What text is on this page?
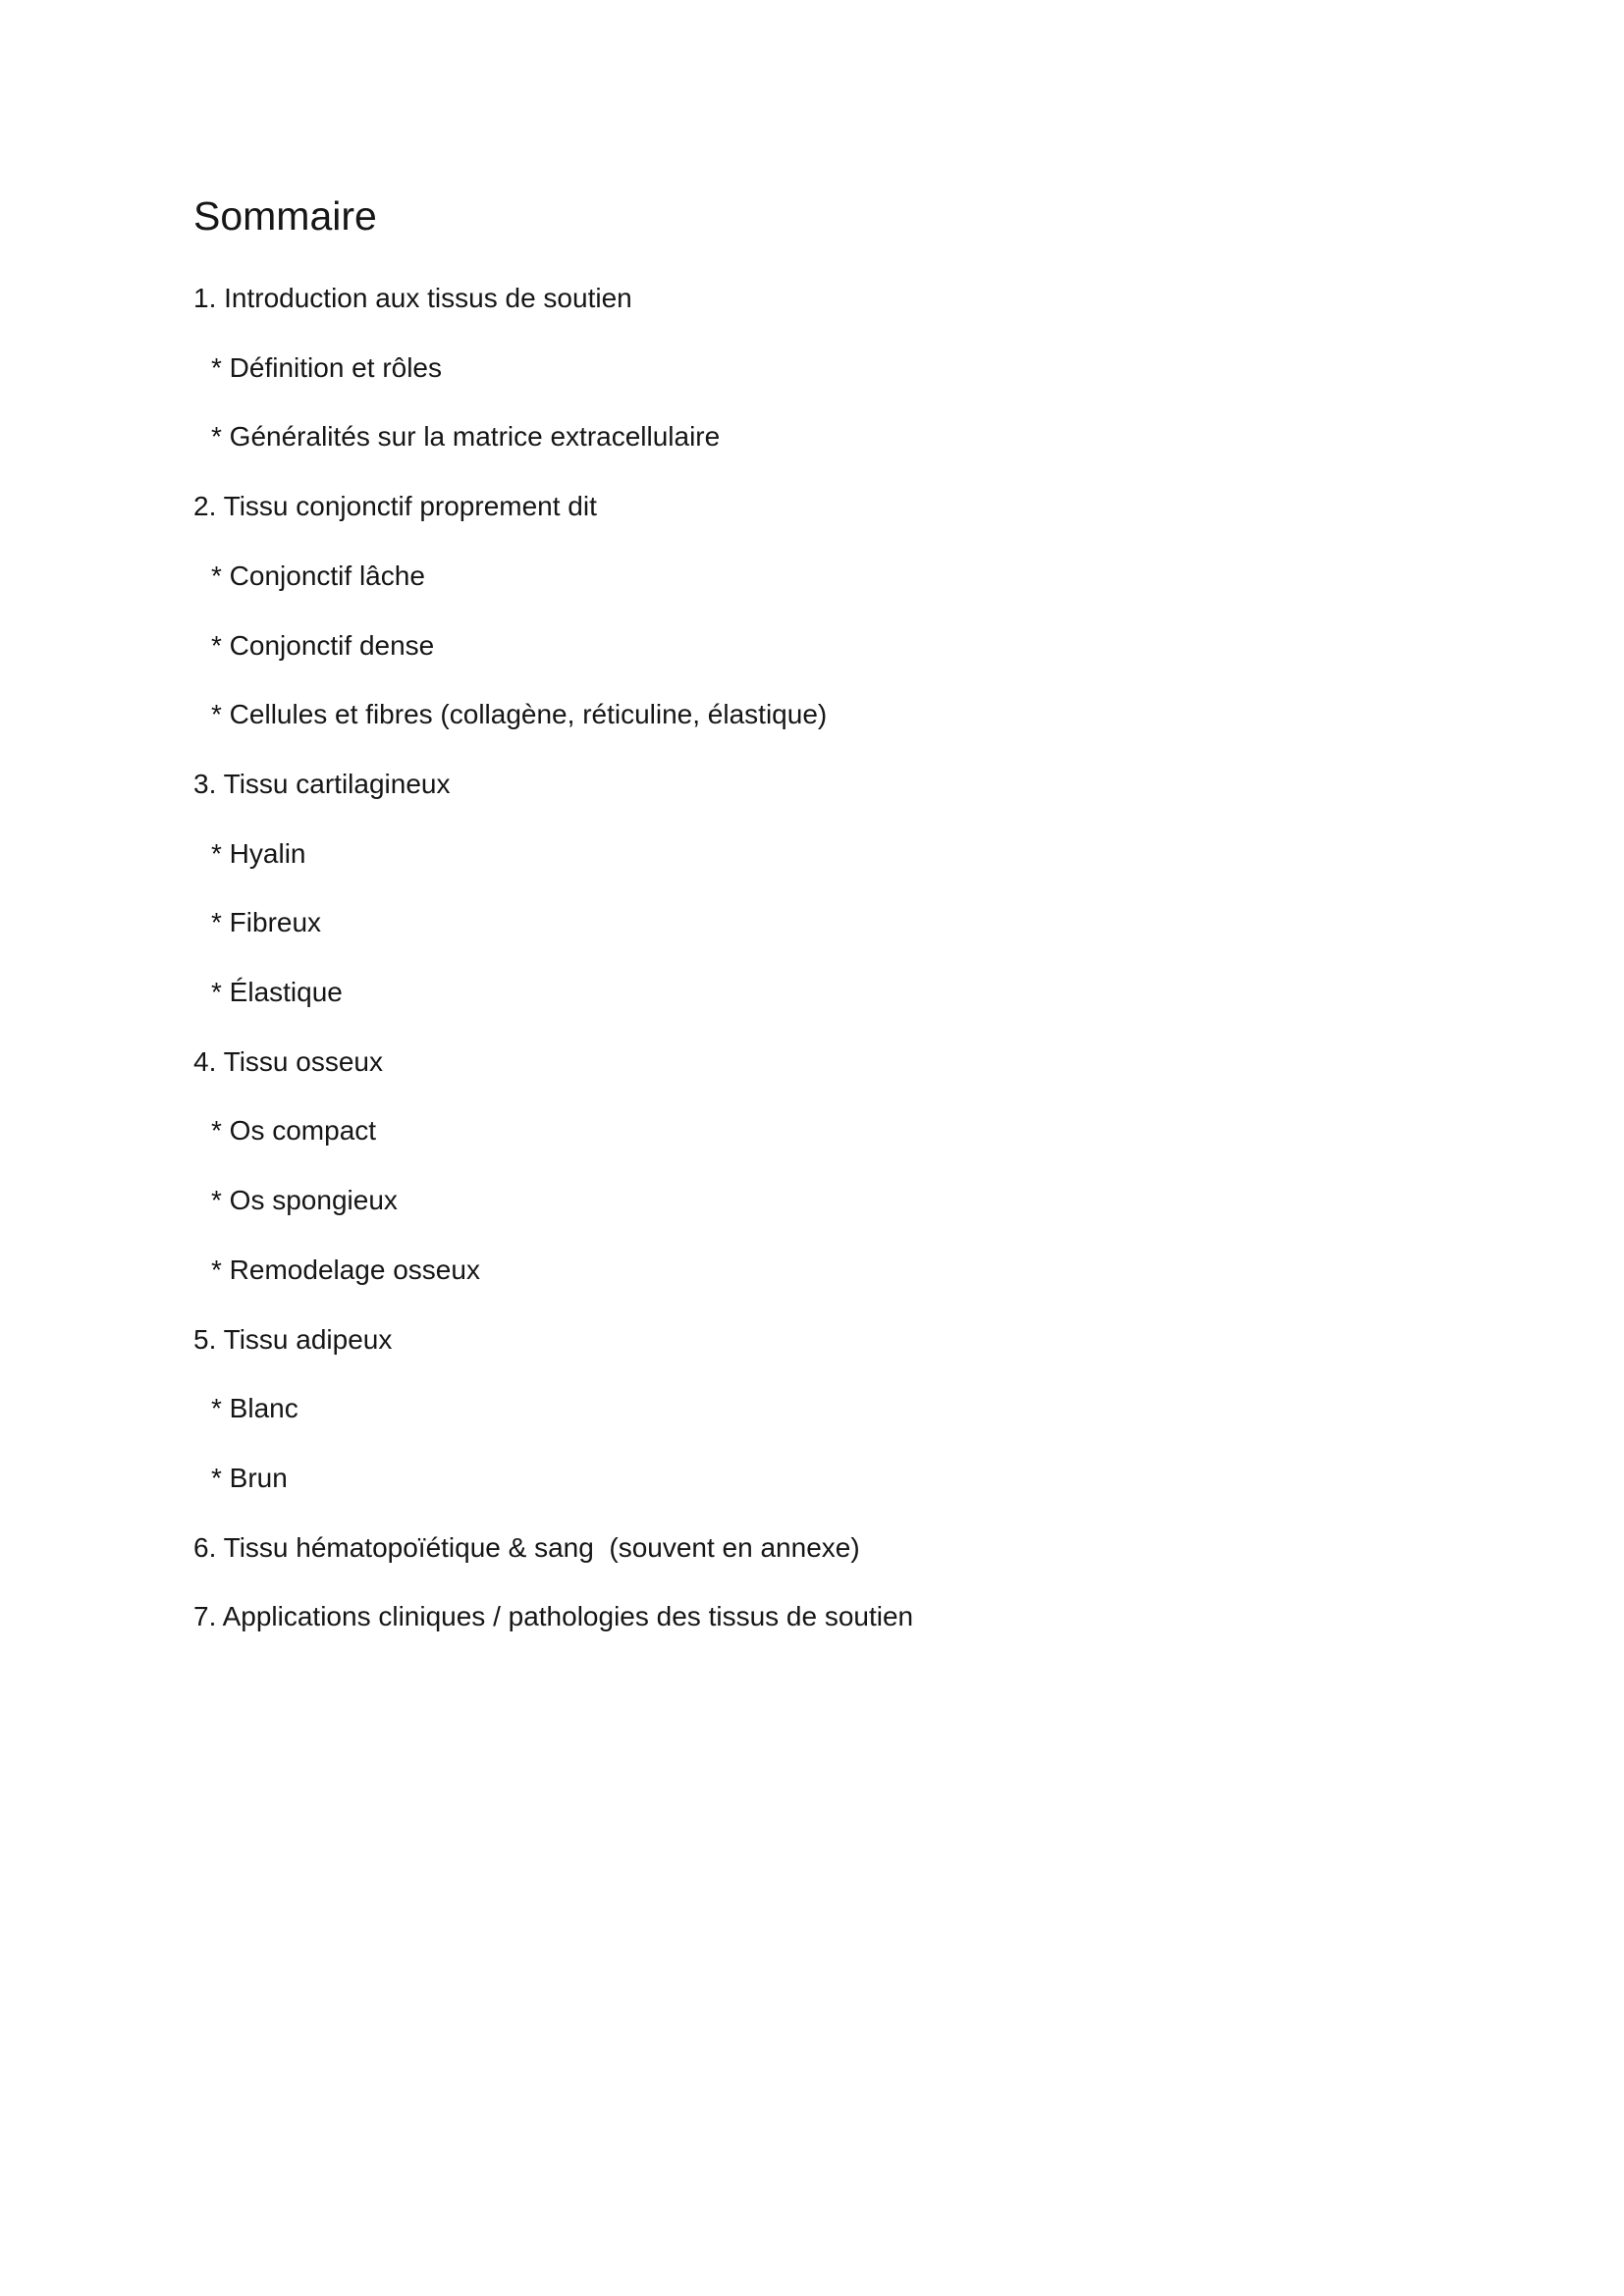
Sommaire

1. Introduction aux tissus de soutien

* Définition et rôles

* Généralités sur la matrice extracellulaire

2. Tissu conjonctif proprement dit

* Conjonctif lâche

* Conjonctif dense

* Cellules et fibres (collagène, réticuline, élastique)

3. Tissu cartilagineux

* Hyalin

* Fibreux

* Élastique

4. Tissu osseux

* Os compact

* Os spongieux

* Remodelage osseux

5. Tissu adipeux

* Blanc

* Brun

6. Tissu hématopoïétique & sang  (souvent en annexe)

7. Applications cliniques / pathologies des tissus de soutien
